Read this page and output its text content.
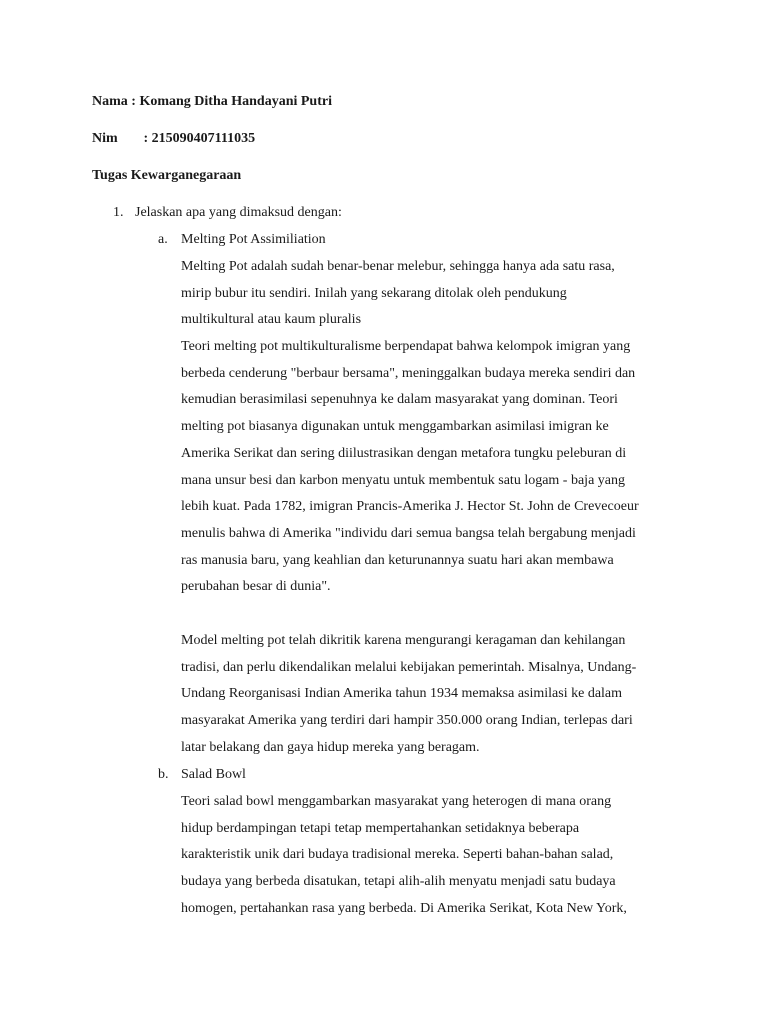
Nama : Komang Ditha Handayani Putri
Nim : 215090407111035
Tugas Kewarganegaraan
1. Jelaskan apa yang dimaksud dengan:
a. Melting Pot Assimiliation
Melting Pot adalah sudah benar-benar melebur, sehingga hanya ada satu rasa,
mirip bubur itu sendiri. Inilah yang sekarang ditolak oleh pendukung
multikultural atau kaum pluralis
Teori melting pot multikulturalisme berpendapat bahwa kelompok imigran yang
berbeda cenderung "berbaur bersama", meninggalkan budaya mereka sendiri dan
kemudian berasimilasi sepenuhnya ke dalam masyarakat yang dominan. Teori
melting pot biasanya digunakan untuk menggambarkan asimilasi imigran ke
Amerika Serikat dan sering diilustrasikan dengan metafora tungku peleburan di
mana unsur besi dan karbon menyatu untuk membentuk satu logam - baja yang
lebih kuat. Pada 1782, imigran Prancis-Amerika J. Hector St. John de Crevecoeur
menulis bahwa di Amerika "individu dari semua bangsa telah bergabung menjadi
ras manusia baru, yang keahlian dan keturunannya suatu hari akan membawa
perubahan besar di dunia".
Model melting pot telah dikritik karena mengurangi keragaman dan kehilangan
tradisi, dan perlu dikendalikan melalui kebijakan pemerintah. Misalnya, Undang-
Undang Reorganisasi Indian Amerika tahun 1934 memaksa asimilasi ke dalam
masyarakat Amerika yang terdiri dari hampir 350.000 orang Indian, terlepas dari
latar belakang dan gaya hidup mereka yang beragam.
b. Salad Bowl
Teori salad bowl menggambarkan masyarakat yang heterogen di mana orang
hidup berdampingan tetapi tetap mempertahankan setidaknya beberapa
karakteristik unik dari budaya tradisional mereka. Seperti bahan-bahan salad,
budaya yang berbeda disatukan, tetapi alih-alih menyatu menjadi satu budaya
homogen, pertahankan rasa yang berbeda. Di Amerika Serikat, Kota New York,
